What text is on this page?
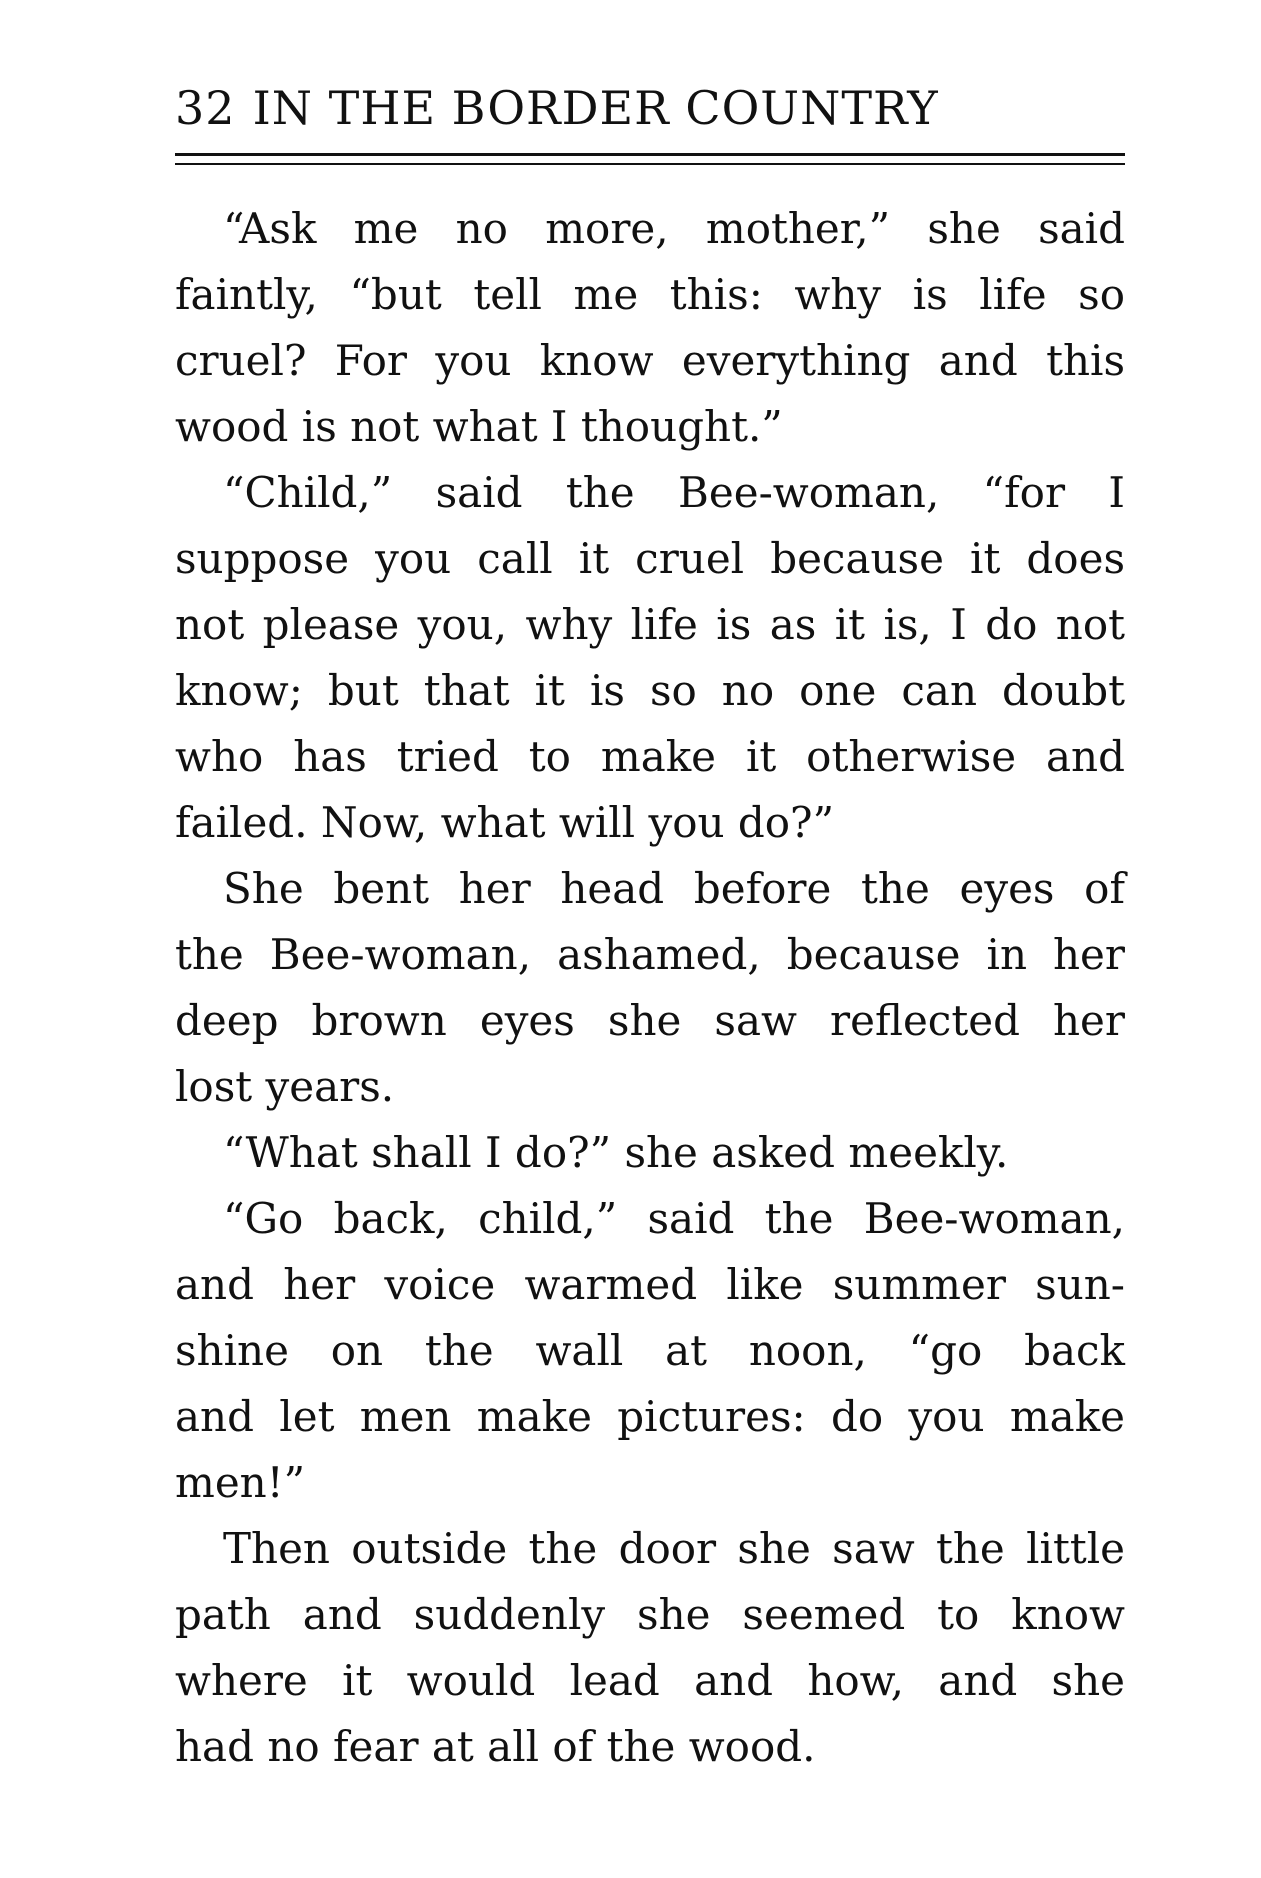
32 IN THE BORDER COUNTRY
“Ask me no more, mother,” she said
faintly, “but tell me this: why is life so
cruel? For you know everything and this
wood is not what I thought.”
“Child,” said the Bee-woman, “for I
suppose you call it cruel because it does
not please you, why life is as it is, I do not
know; but that it is so no one can doubt
who has tried to make it otherwise and
failed. Now, what will you do?”
She bent her head before the eyes of
the Bee-woman, ashamed, because in her
deep brown eyes she saw reflected her
lost years.
“What shall I do?” she asked meekly.
“Go back, child,” said the Bee-woman,
and her voice warmed like summer sun-
shine on the wall at noon, “go back
and let men make pictures: do you make
men!”
Then outside the door she saw the little
path and suddenly she seemed to know
where it would lead and how, and she
had no fear at all of the wood.
